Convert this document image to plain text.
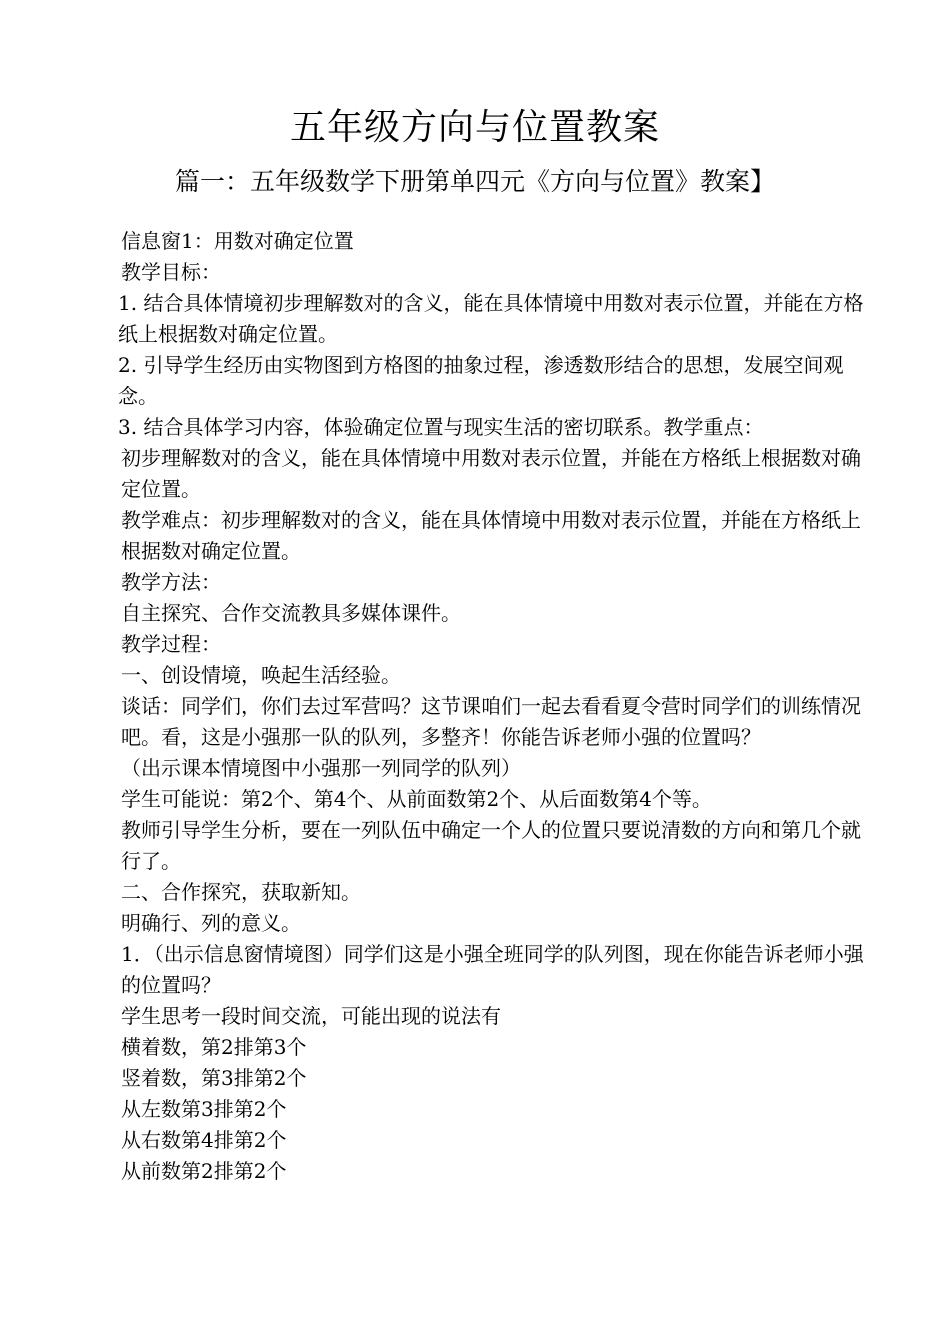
五年级方向与位置教案
篇一：五年级数学下册第单四元《方向与位置》教案】

信息窗1：用数对确定位置

教学目标：

1. 结合具体情境初步理解数对的含义，能在具体情境中用数对表示位置，并能在方格纸上根据数对确定位置。

2. 引导学生经历由实物图到方格图的抽象过程，渗透数形结合的思想，发展空间观念。

3. 结合具体学习内容，体验确定位置与现实生活的密切联系。教学重点：

初步理解数对的含义，能在具体情境中用数对表示位置，并能在方格纸上根据数对确定位置。

教学难点：初步理解数对的含义，能在具体情境中用数对表示位置，并能在方格纸上根据数对确定位置。

教学方法：

自主探究、合作交流教具多媒体课件。

教学过程：

一、创设情境，唤起生活经验。

谈话：同学们，你们去过军营吗？这节课咱们一起去看看夏令营时同学们的训练情况吧。看，这是小强那一队的队列，多整齐！你能告诉老师小强的位置吗？

（出示课本情境图中小强那一列同学的队列）

学生可能说：第2个、第4个、从前面数第2个、从后面数第4个等。

教师引导学生分析，要在一列队伍中确定一个人的位置只要说清数的方向和第几个就行了。

二、合作探究，获取新知。

明确行、列的意义。

1．（出示信息窗情境图）同学们这是小强全班同学的队列图，现在你能告诉老师小强的位置吗？

学生思考一段时间交流，可能出现的说法有

横着数，第2排第3个

竖着数，第3排第2个

从左数第3排第2个

从右数第4排第2个

从前数第2排第2个
